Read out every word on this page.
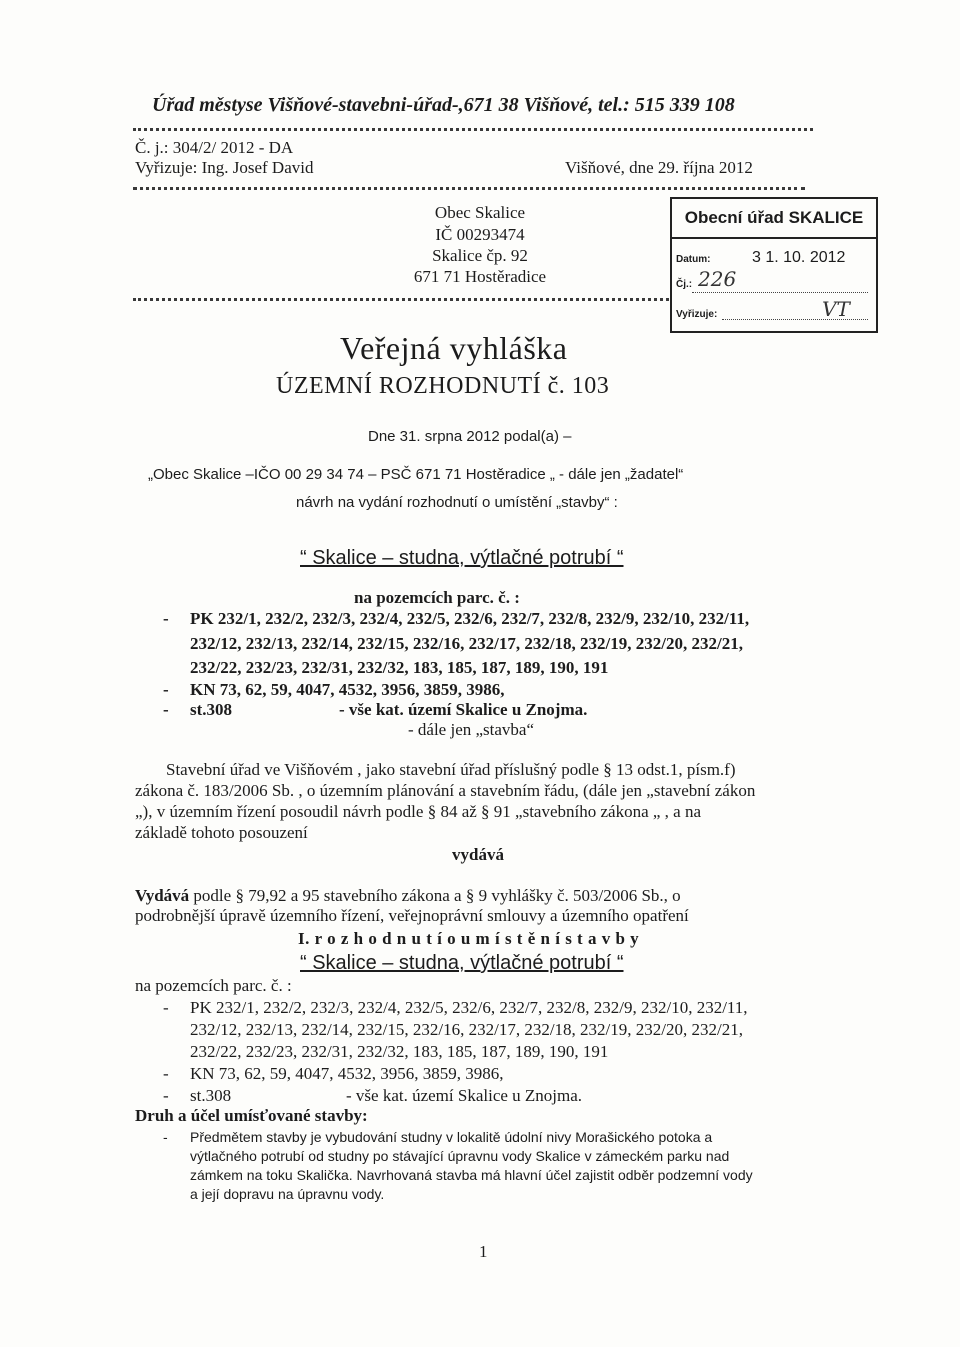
Úřad městyse Višňové-stavebni-úřad-,671 38 Višňové, tel.: 515 339 108
Č. j.: 304/2/ 2012 - DA
Vyřizuje: Ing. Josef David	Višňové, dne 29. října 2012
Obec Skalice
IČ 00293474
Skalice čp. 92
671 71 Hostěradice
Obecní úřad SKALICE
Datum:	3 1. 10. 2012
Čj.: 226
Vyřizuje:	VT
Veřejná vyhláška
ÚZEMNÍ ROZHODNUTÍ č. 103
Dne 31. srpna 2012 podal(a) –
„Obec Skalice –IČO 00 29 34 74 – PSČ 671 71 Hostěradice „ - dále jen „žadatel“
návrh na vydání rozhodnutí o umístění „stavby“ :
“ Skalice – studna, výtlačné potrubí “
na pozemcích parc. č. :
- PK 232/1, 232/2, 232/3, 232/4, 232/5, 232/6, 232/7, 232/8, 232/9, 232/10, 232/11,
232/12, 232/13, 232/14, 232/15, 232/16, 232/17, 232/18, 232/19, 232/20, 232/21,
232/22, 232/23, 232/31, 232/32, 183, 185, 187, 189, 190, 191
- KN 73, 62, 59, 4047, 4532, 3956, 3859, 3986,
- st.308	- vše kat. území Skalice u Znojma.
- dále jen „stavba“
Stavební úřad ve Višňovém , jako stavební úřad příslušný podle § 13 odst.1, písm.f)
zákona č. 183/2006 Sb. , o územním plánování a stavebním řádu, (dále jen „stavební zákon
„), v územním řízení posoudil návrh podle § 84 až § 91 „stavebního zákona „ , a na
základě tohoto posouzení
vydává
Vydává podle § 79,92 a 95 stavebního zákona a § 9 vyhlášky č. 503/2006 Sb., o
podrobnější úpravě územního řízení, veřejnoprávní smlouvy a územního opatření
I. r o z h o d n u t í o u m í s t ě n í s t a v b y
“ Skalice – studna, výtlačné potrubí “
na pozemcích parc. č. :
- PK 232/1, 232/2, 232/3, 232/4, 232/5, 232/6, 232/7, 232/8, 232/9, 232/10, 232/11,
232/12, 232/13, 232/14, 232/15, 232/16, 232/17, 232/18, 232/19, 232/20, 232/21,
232/22, 232/23, 232/31, 232/32, 183, 185, 187, 189, 190, 191
- KN 73, 62, 59, 4047, 4532, 3956, 3859, 3986,
- st.308	- vše kat. území Skalice u Znojma.
Druh a účel umísťované stavby:
- Předmětem stavby je vybudování studny v lokalitě údolní nivy Morašického potoka a
výtlačného potrubí od studny po stávající úpravnu vody Skalice v zámeckém parku nad
zámkem na toku Skalička. Navrhovaná stavba má hlavní účel zajistit odběr podzemní vody
a její dopravu na úpravnu vody.
1
